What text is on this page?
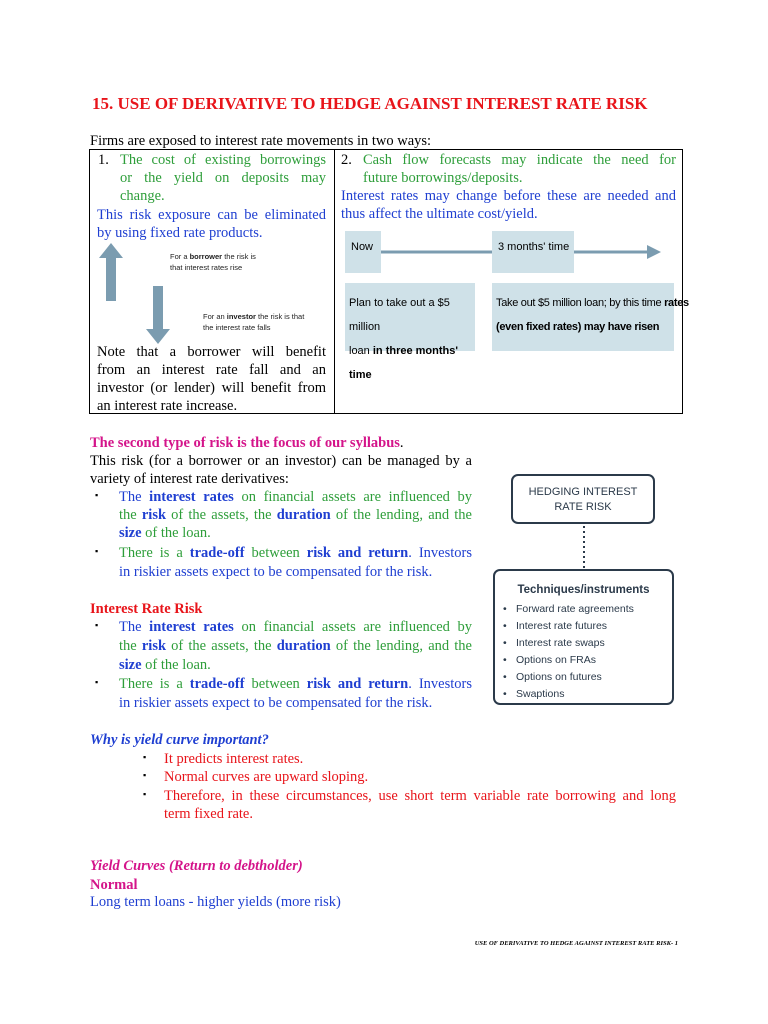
15. USE OF DERIVATIVE TO HEDGE AGAINST INTEREST RATE RISK
Firms are exposed to interest rate movements in two ways:
1. The cost of existing borrowings
or the yield on deposits may
change.
This risk exposure can be eliminated
by using fixed rate products.
For a borrower the risk is
that interest rates rise
For an investor the risk is that
the interest rate falls
Note that a borrower will benefit
from an interest rate fall and an
investor (or lender) will benefit from
an interest rate increase.
2. Cash flow forecasts may indicate the need for
future borrowings/deposits.
Interest rates may change before these are needed and
thus affect the ultimate cost/yield.
Now	3 months' time
Plan to take out a $5 million
loan in three months' time
Take out $5 million loan; by this time rates
(even fixed rates) may have risen
The second type of risk is the focus of our syllabus.
This risk (for a borrower or an investor) can be managed by a
variety of interest rate derivatives:
▪ The interest rates on financial assets are influenced by
the risk of the assets, the duration of the lending, and the
size of the loan.
▪ There is a trade-off between risk and return. Investors
in riskier assets expect to be compensated for the risk.
Interest Rate Risk
▪ The interest rates on financial assets are influenced by
the risk of the assets, the duration of the lending, and the
size of the loan.
▪ There is a trade-off between risk and return. Investors
in riskier assets expect to be compensated for the risk.
HEDGING INTEREST
RATE RISK
Techniques/instruments
• Forward rate agreements
• Interest rate futures
• Interest rate swaps
• Options on FRAs
• Options on futures
• Swaptions
Why is yield curve important?
▪ It predicts interest rates.
▪ Normal curves are upward sloping.
▪ Therefore, in these circumstances, use short term variable rate borrowing and long
term fixed rate.
Yield Curves (Return to debtholder)
Normal
Long term loans - higher yields (more risk)
USE OF DERIVATIVE TO HEDGE AGAINST INTEREST RATE RISK- 1
